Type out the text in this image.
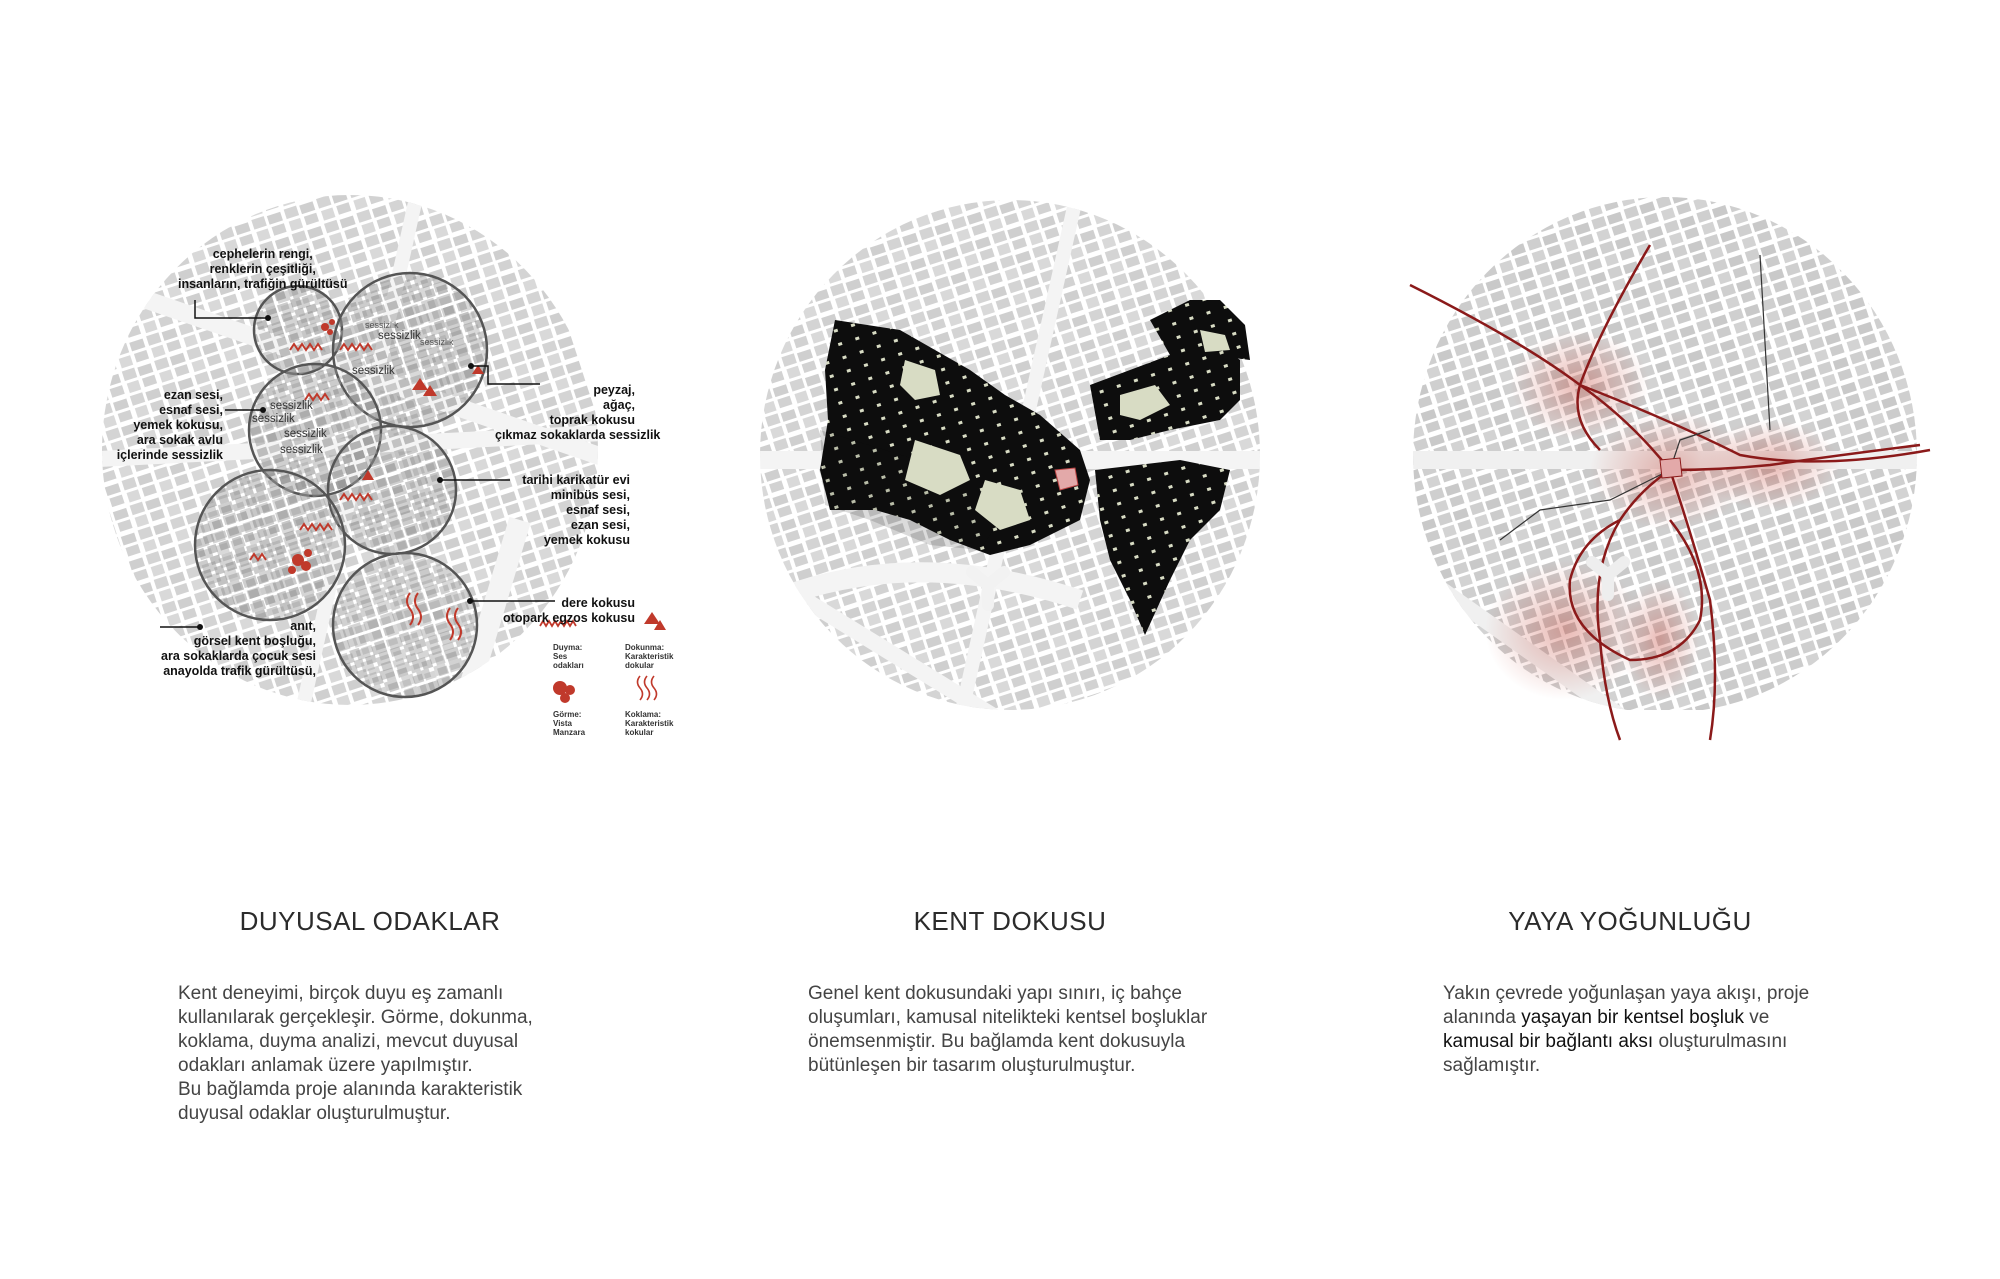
sessizlik
sessizlik sessizlik
sessizlik
sessizlik
sessizlik
sessizlik
sessizlik
cephelerin rengi,
renklerin çeşitliği,
insanların, trafiğin gürültüsü
peyzaj,
ağaç,
toprak kokusu
çıkmaz sokaklarda sessizlik
ezan sesi,
esnaf sesi,
yemek kokusu,
ara sokak avlu
içlerinde sessizlik
tarihi karikatür evi
minibüs sesi,
esnaf sesi,
ezan sesi,
yemek kokusu
anıt,
görsel kent boşluğu,
ara sokaklarda çocuk sesi
anayolda trafik gürültüsü,
dere kokusu
otopark egzos kokusu
Duyma:
Ses
odakları
Dokunma:
Karakteristik
dokular
Görme:
Vista
Manzara
Koklama:
Karakteristik
kokular
DUYUSAL ODAKLAR
Kent deneyimi, birçok duyu eş zamanlı
kullanılarak gerçekleşir. Görme, dokunma,
koklama, duyma analizi, mevcut duyusal
odakları anlamak üzere yapılmıştır.
Bu bağlamda proje alanında karakteristik
duyusal odaklar oluşturulmuştur.
KENT DOKUSU
Genel kent dokusundaki yapı sınırı, iç bahçe
oluşumları, kamusal nitelikteki kentsel boşluklar
önemsenmiştir. Bu bağlamda kent dokusuyla
bütünleşen bir tasarım oluşturulmuştur.
YAYA YOĞUNLUĞU
Yakın çevrede yoğunlaşan yaya akışı, proje
alanında yaşayan bir kentsel boşluk ve
kamusal bir bağlantı aksı oluşturulmasını
sağlamıştır.
